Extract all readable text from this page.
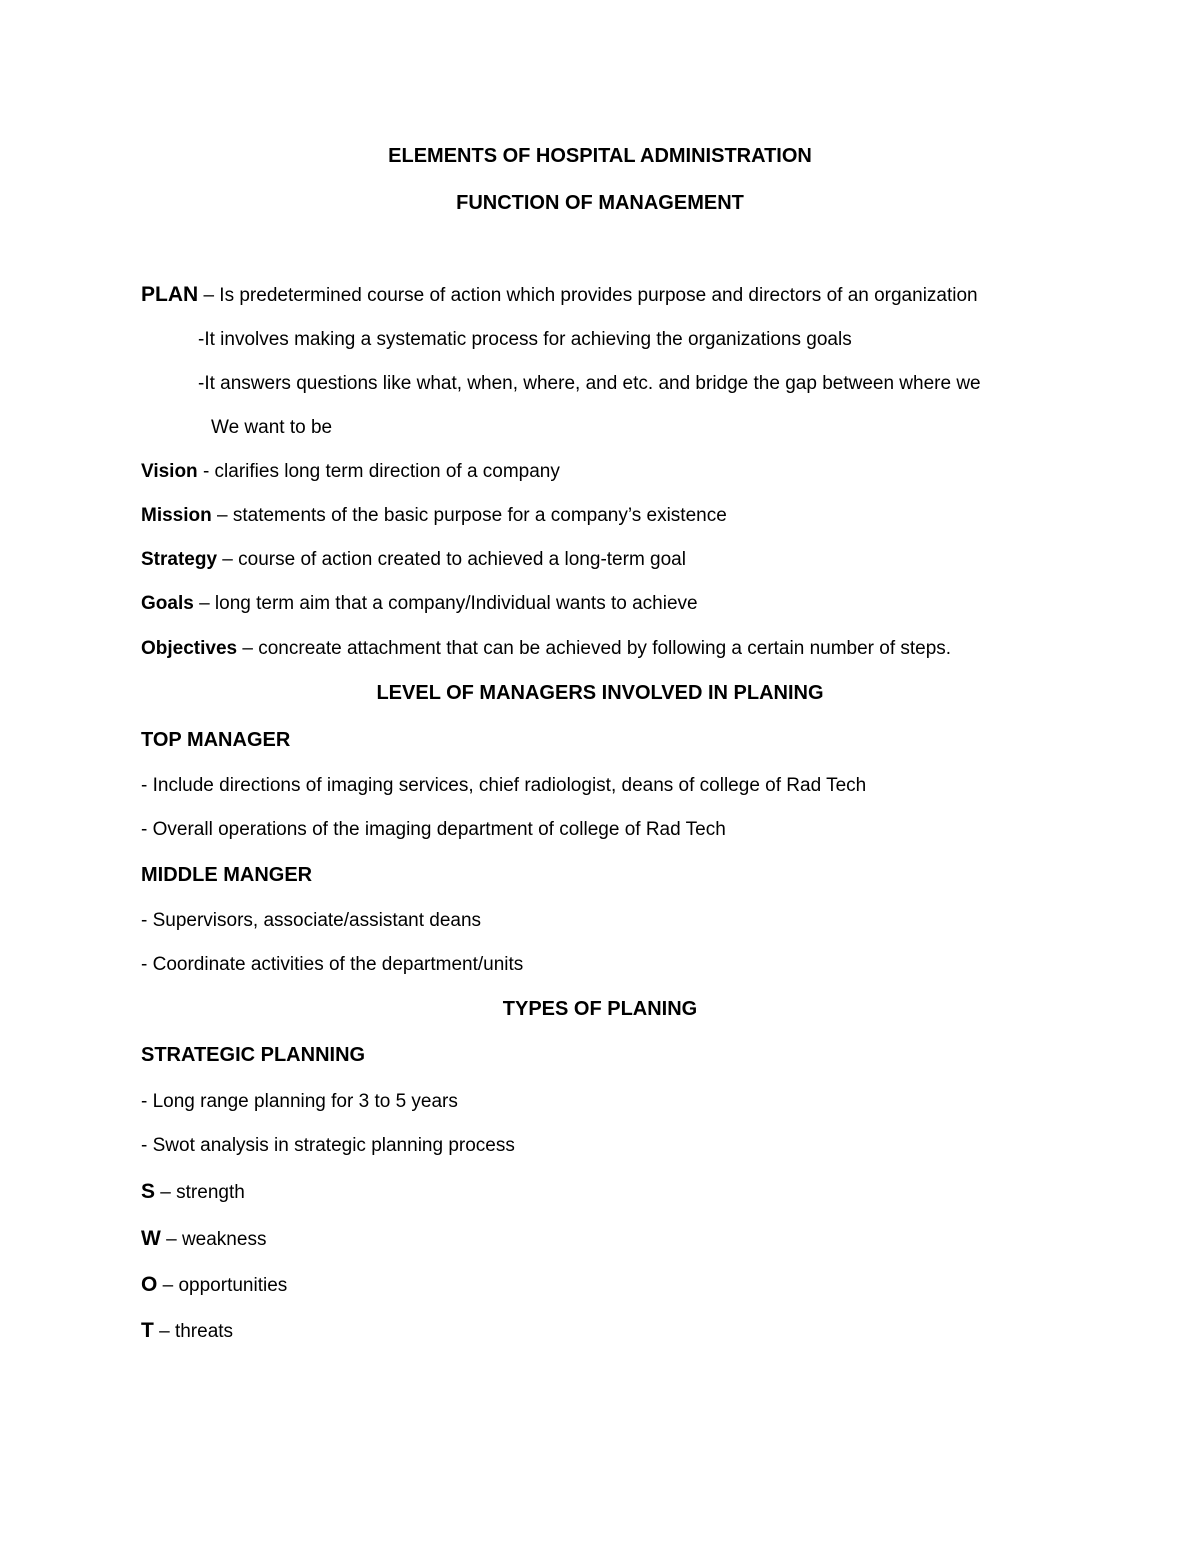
ELEMENTS OF HOSPITAL ADMINISTRATION
FUNCTION OF MANAGEMENT
PLAN – Is predetermined course of action which provides purpose and directors of an organization
-It involves making a systematic process for achieving the organizations goals
-It answers questions like what, when, where, and etc. and bridge the gap between where we
We want to be
Vision - clarifies long term direction of a company
Mission – statements of the basic purpose for a company’s existence
Strategy – course of action created to achieved a long-term goal
Goals – long term aim that a company/Individual wants to achieve
Objectives – concreate attachment that can be achieved by following a certain number of steps.
LEVEL OF MANAGERS INVOLVED IN PLANING
TOP MANAGER
- Include directions of imaging services, chief radiologist, deans of college of Rad Tech
- Overall operations of the imaging department of college of Rad Tech
MIDDLE MANGER
- Supervisors, associate/assistant deans
- Coordinate activities of the department/units
TYPES OF PLANING
STRATEGIC PLANNING
- Long range planning for 3 to 5 years
- Swot analysis in strategic planning process
S – strength
W – weakness
O – opportunities
T – threats
